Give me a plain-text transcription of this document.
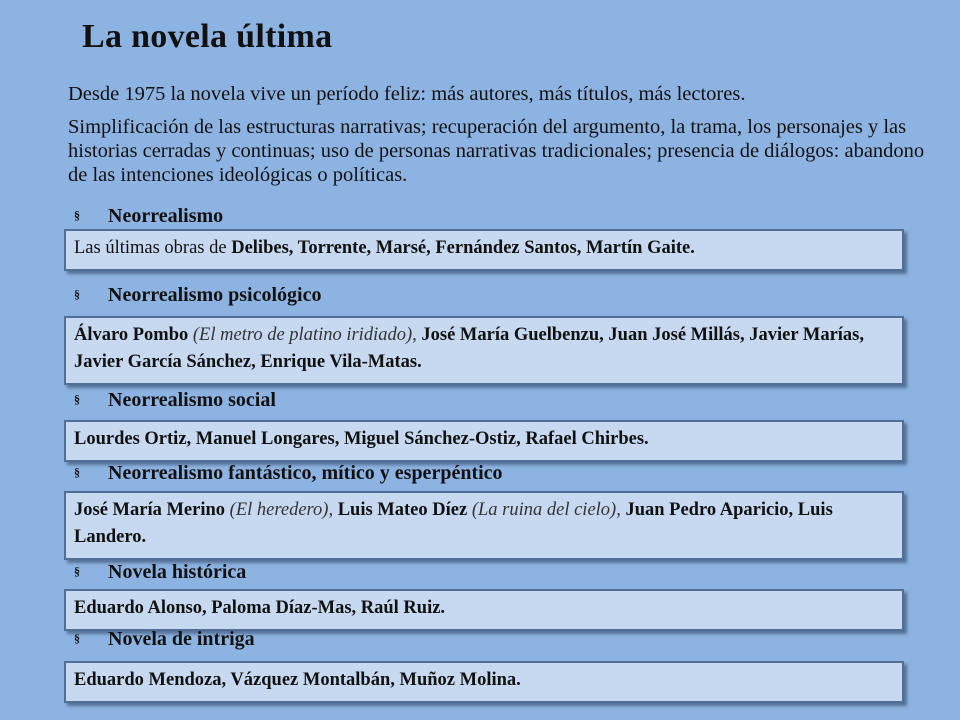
La novela última
Desde 1975 la novela vive un período feliz: más autores, más títulos, más lectores.
Simplificación de las estructuras narrativas; recuperación del argumento, la trama, los personajes y las historias cerradas y continuas; uso de personas narrativas tradicionales; presencia de diálogos: abandono de las intenciones ideológicas o políticas.
§ Neorrealismo
Las últimas obras de Delibes, Torrente, Marsé, Fernández Santos, Martín Gaite.
§ Neorrealismo psicológico
Álvaro Pombo (El metro de platino iridiado), José María Guelbenzu, Juan José Millás, Javier Marías, Javier García Sánchez, Enrique Vila-Matas.
§ Neorrealismo social
Lourdes Ortiz, Manuel Longares, Miguel Sánchez-Ostiz, Rafael Chirbes.
§ Neorrealismo fantástico, mítico y esperpéntico
José María Merino (El heredero), Luis Mateo Díez (La ruina del cielo), Juan Pedro Aparicio, Luis Landero.
§ Novela histórica
Eduardo Alonso, Paloma Díaz-Mas, Raúl Ruiz.
§ Novela de intriga
Eduardo Mendoza, Vázquez Montalbán, Muñoz Molina.
